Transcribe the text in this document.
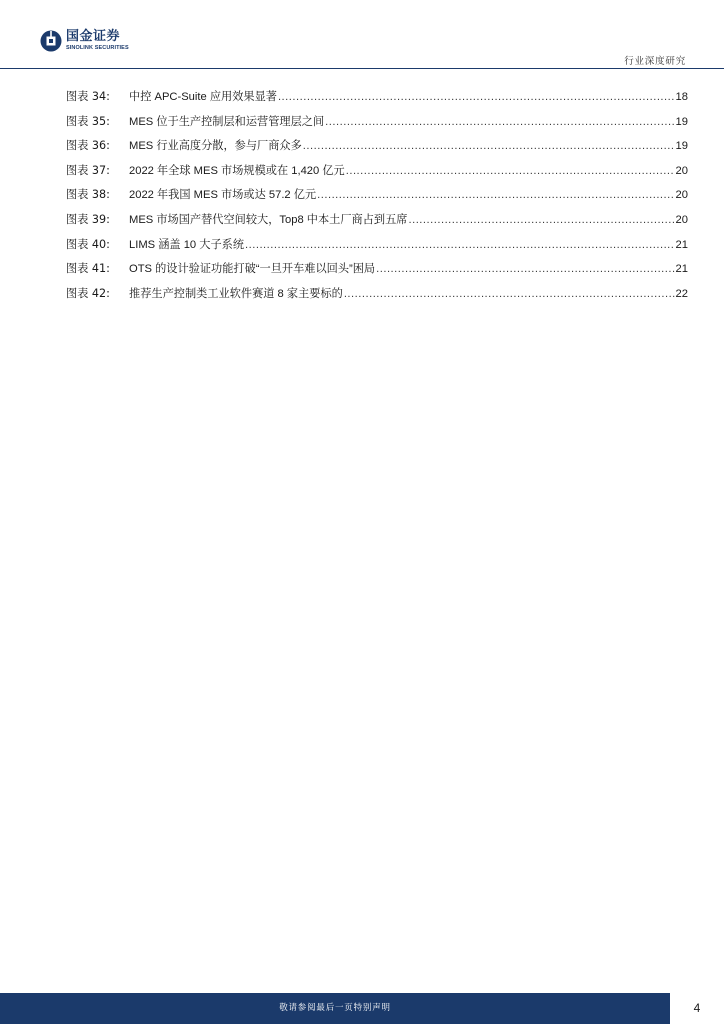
国金证券
SINOLINK SECURITIES
行业深度研究
图表 34:	中控 APC-Suite 应用效果显著 .....	18
图表 35:	MES 位于生产控制层和运营管理层之间 .....	19
图表 36:	MES 行业高度分散，参与厂商众多 .....	19
图表 37:	2022 年全球 MES 市场规模或在 1,420 亿元 .....	20
图表 38:	2022 年我国 MES 市场或达 57.2 亿元 .....	20
图表 39:	MES 市场国产替代空间较大，Top8 中本土厂商占到五席 .....	20
图表 40:	LIMS 涵盖 10 大子系统 .....	21
图表 41:	OTS 的设计验证功能打破“一旦开车难以回头”困局 .....	21
图表 42:	推荐生产控制类工业软件赛道 8 家主要标的 .....	22
敬请参阅最后一页特别声明	4
